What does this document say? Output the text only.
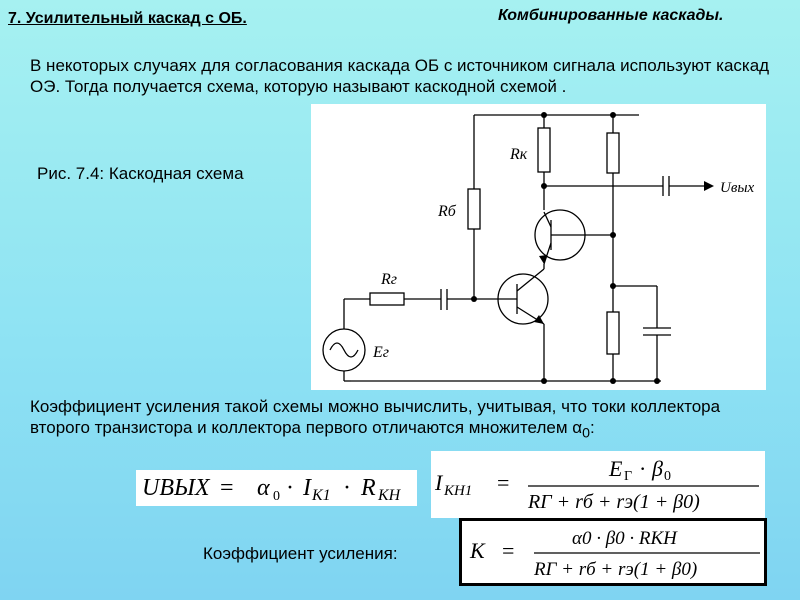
7. Усилительный каскад с ОБ.	Комбинированные каскады.
В некоторых случаях для согласования каскада ОБ с источником сигнала используют каскад ОЭ. Тогда получается схема, которую называют каскодной схемой .
Рис. 7.4: Каскодная схема
Rк
Rб
Rг
Eг
Uвых
Коэффициент усиления такой схемы можно вычислить, учитывая, что токи коллектора второго транзистора и коллектора первого отличаются множителем $\alpha_0$:
UВЫХ = α 0 · I К1 · R КН
I КН1 =
E Г · β 0
RГ + rб + rэ(1 + β0)
Коэффициент усиления:	K =	α0 · β0 · RКН
RГ + rб + rэ(1 + β0)
